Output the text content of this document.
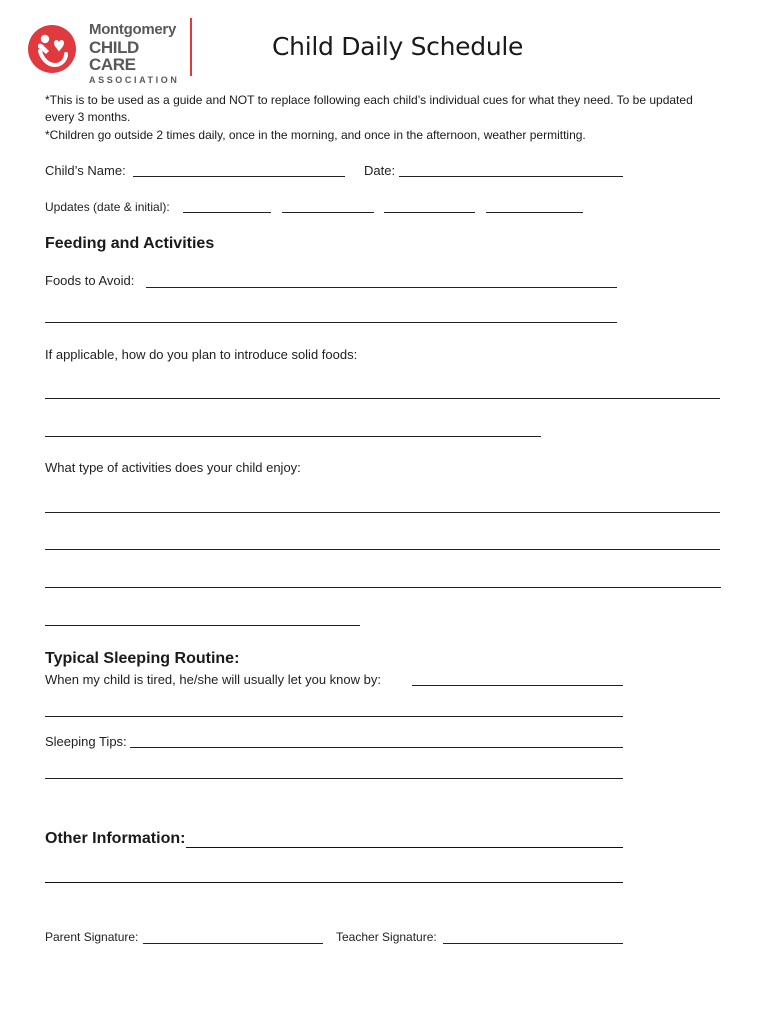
Montgomery
CHILD CARE
ASSOCIATION
Child Daily Schedule
*This is to be used as a guide and NOT to replace following each child’s individual cues for what they need. To be updated every 3 months.
*Children go outside 2 times daily, once in the morning, and once in the afternoon, weather permitting.
Child’s Name:	Date:
Updates (date & initial):
Feeding and Activities
Foods to Avoid:
If applicable, how do you plan to introduce solid foods:
What type of activities does your child enjoy:
Typical Sleeping Routine:
When my child is tired, he/she will usually let you know by:
Sleeping Tips:
Other Information:
Parent Signature:	Teacher Signature:
